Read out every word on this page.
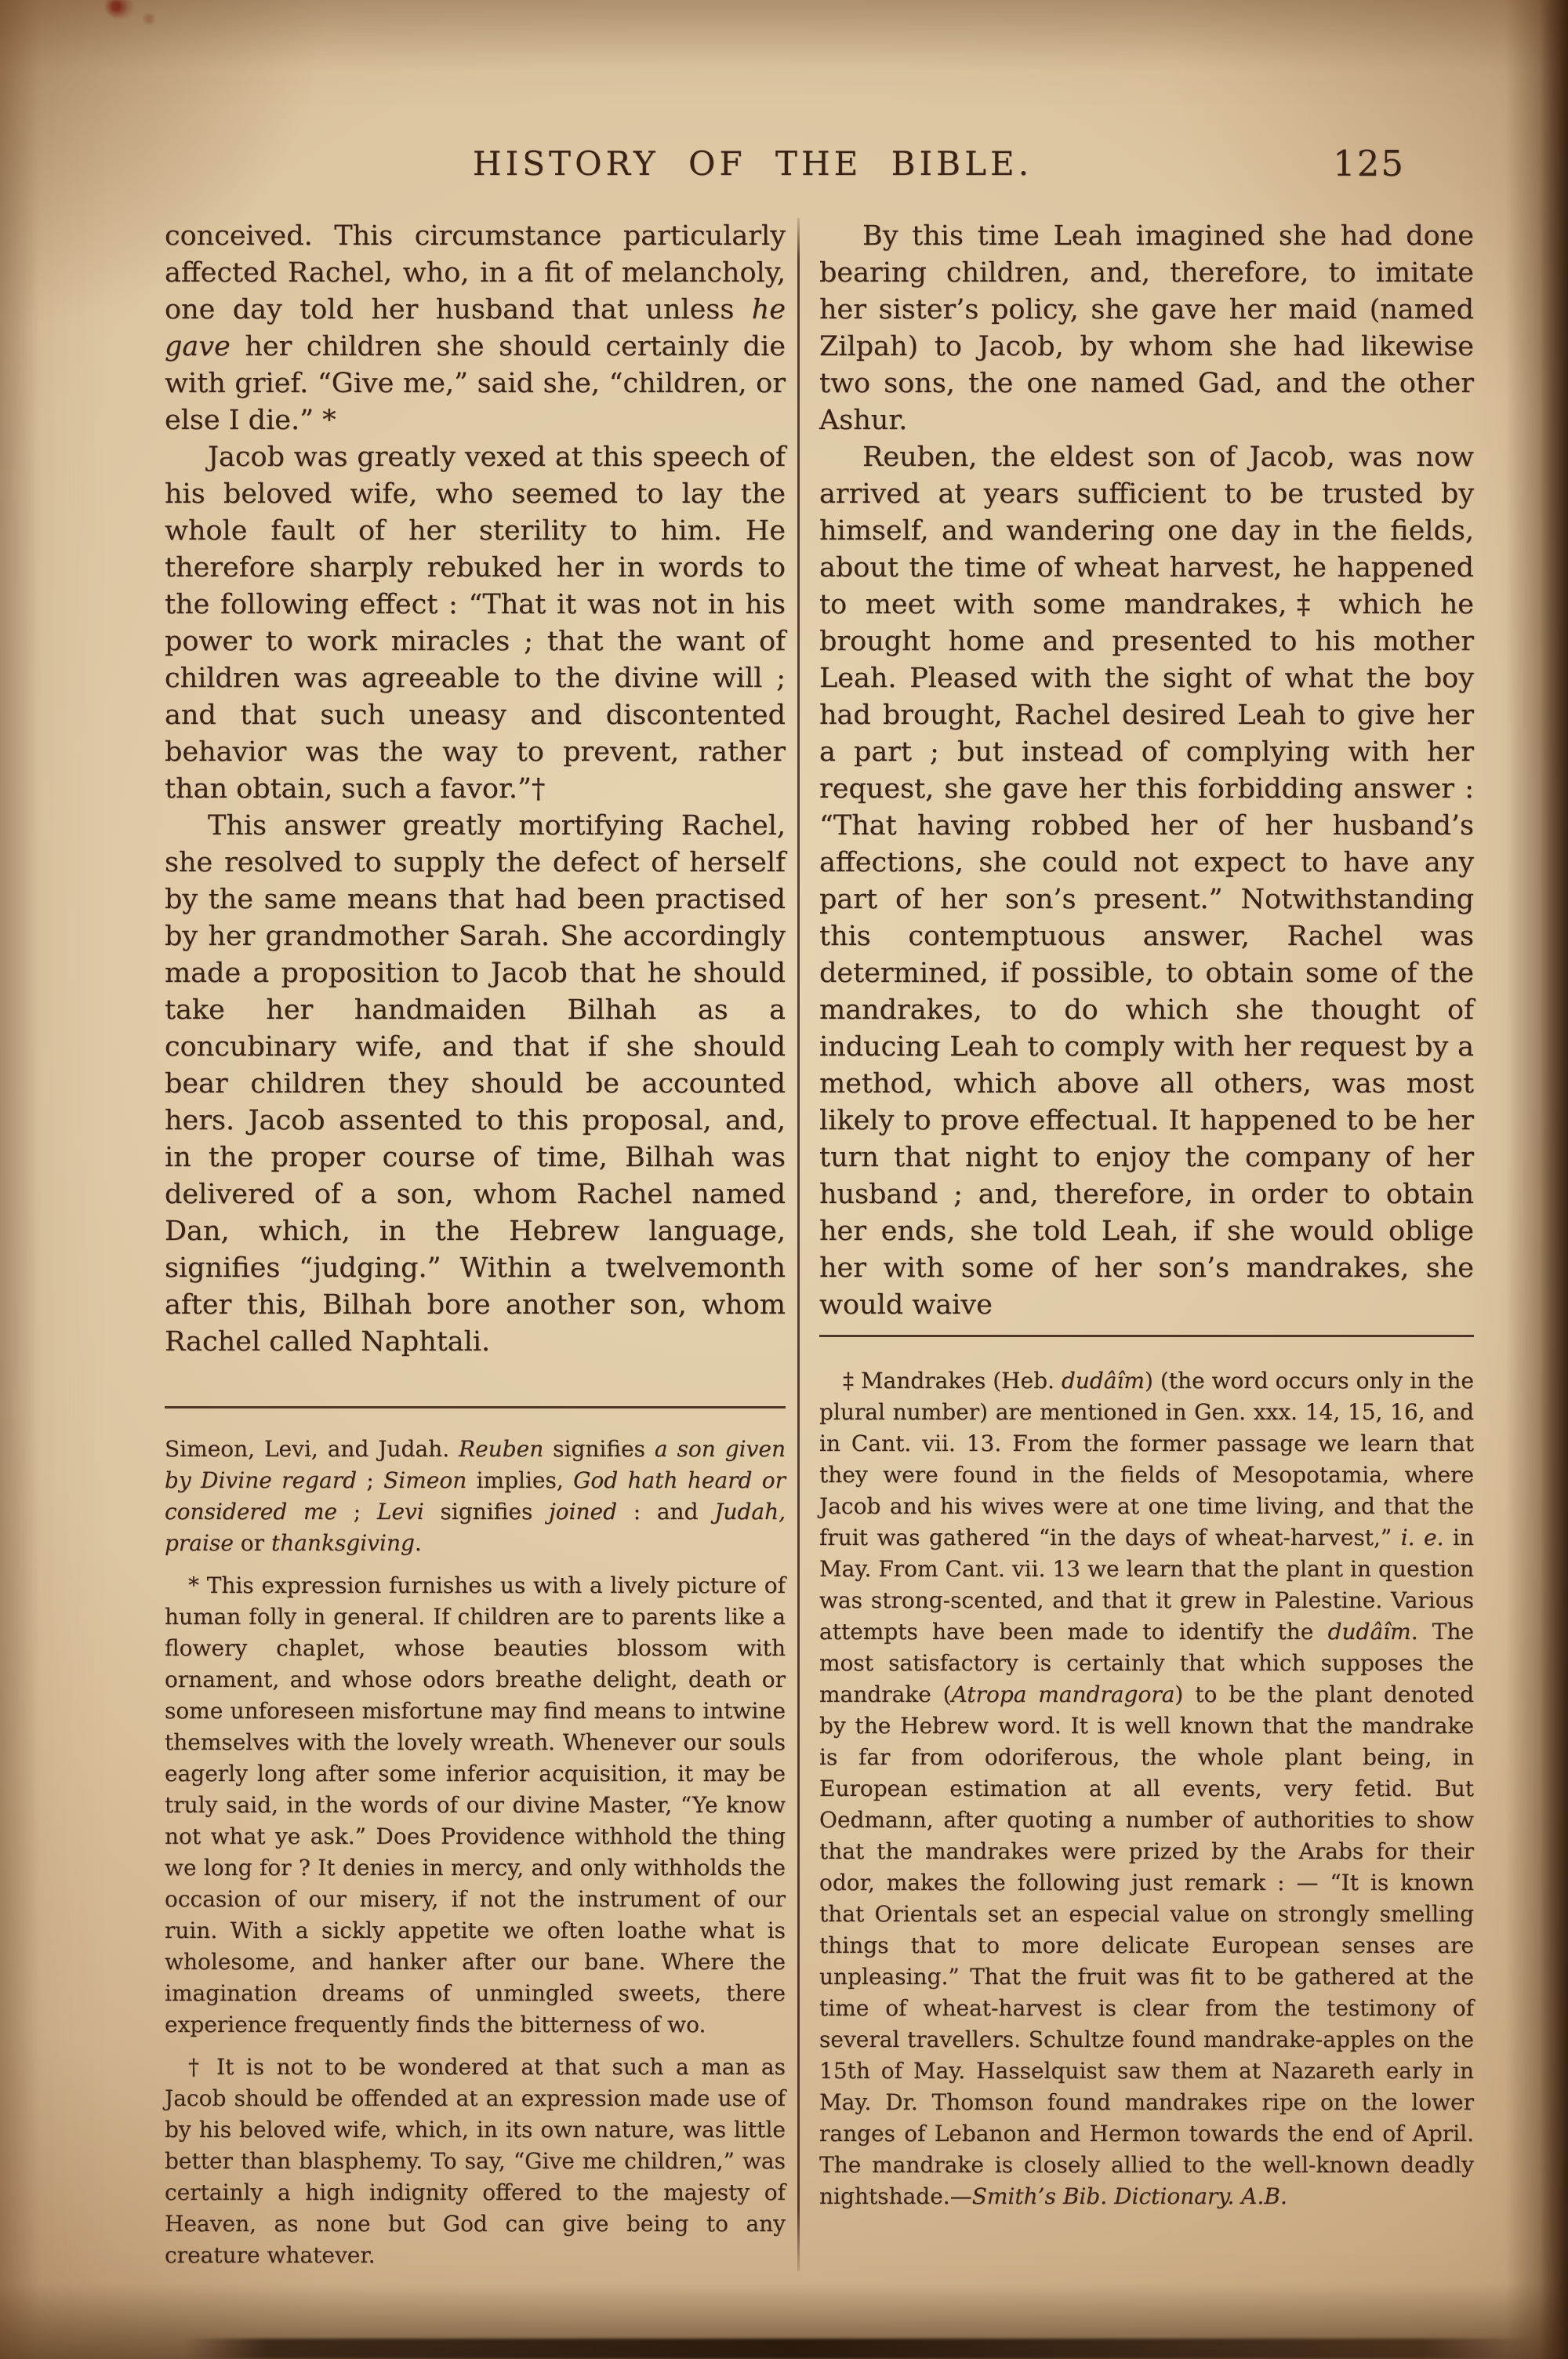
HISTORY OF THE BIBLE.	125

conceived. This circumstance particularly affected Rachel, who, in a fit of melancholy, one day told her husband that unless he gave her children she should certainly die with grief. “Give me,” said she, “children, or else I die.” *

Jacob was greatly vexed at this speech of his beloved wife, who seemed to lay the whole fault of her sterility to him. He therefore sharply rebuked her in words to the following effect : “That it was not in his power to work miracles ; that the want of children was agreeable to the divine will ; and that such uneasy and discontented behavior was the way to prevent, rather than obtain, such a favor.”†

This answer greatly mortifying Rachel, she resolved to supply the defect of herself by the same means that had been practised by her grandmother Sarah. She accordingly made a proposition to Jacob that he should take her handmaiden Bilhah as a concubinary wife, and that if she should bear children they should be accounted hers. Jacob assented to this proposal, and, in the proper course of time, Bilhah was delivered of a son, whom Rachel named Dan, which, in the Hebrew language, signifies “judging.” Within a twelvemonth after this, Bilhah bore another son, whom Rachel called Naphtali.

Simeon, Levi, and Judah. Reuben signifies a son given by Divine regard ; Simeon implies, God hath heard or considered me ; Levi signifies joined : and Judah, praise or thanksgiving.

* This expression furnishes us with a lively picture of human folly in general. If children are to parents like a flowery chaplet, whose beauties blossom with ornament, and whose odors breathe delight, death or some unforeseen misfortune may find means to intwine themselves with the lovely wreath. Whenever our souls eagerly long after some inferior acquisition, it may be truly said, in the words of our divine Master, “Ye know not what ye ask.” Does Providence withhold the thing we long for ? It denies in mercy, and only withholds the occasion of our misery, if not the instrument of our ruin. With a sickly appetite we often loathe what is wholesome, and hanker after our bane. Where the imagination dreams of unmingled sweets, there experience frequently finds the bitterness of wo.

† It is not to be wondered at that such a man as Jacob should be offended at an expression made use of by his beloved wife, which, in its own nature, was little better than blasphemy. To say, “Give me children,” was certainly a high indignity offered to the majesty of Heaven, as none but God can give being to any creature whatever.

By this time Leah imagined she had done bearing children, and, therefore, to imitate her sister’s policy, she gave her maid (named Zilpah) to Jacob, by whom she had likewise two sons, the one named Gad, and the other Ashur.

Reuben, the eldest son of Jacob, was now arrived at years sufficient to be trusted by himself, and wandering one day in the fields, about the time of wheat harvest, he happened to meet with some mandrakes,‡ which he brought home and presented to his mother Leah. Pleased with the sight of what the boy had brought, Rachel desired Leah to give her a part ; but instead of complying with her request, she gave her this forbidding answer : “That having robbed her of her husband’s affections, she could not expect to have any part of her son’s present.” Notwithstanding this contemptuous answer, Rachel was determined, if possible, to obtain some of the mandrakes, to do which she thought of inducing Leah to comply with her request by a method, which above all others, was most likely to prove effectual. It happened to be her turn that night to enjoy the company of her husband ; and, therefore, in order to obtain her ends, she told Leah, if she would oblige her with some of her son’s mandrakes, she would waive

‡ Mandrakes (Heb. dudâîm) (the word occurs only in the plural number) are mentioned in Gen. xxx. 14, 15, 16, and in Cant. vii. 13. From the former passage we learn that they were found in the fields of Mesopotamia, where Jacob and his wives were at one time living, and that the fruit was gathered “in the days of wheat-harvest,” i. e. in May. From Cant. vii. 13 we learn that the plant in question was strong-scented, and that it grew in Palestine. Various attempts have been made to identify the dudâîm. The most satisfactory is certainly that which supposes the mandrake (Atropa mandragora) to be the plant denoted by the Hebrew word. It is well known that the mandrake is far from odoriferous, the whole plant being, in European estimation at all events, very fetid. But Oedmann, after quoting a number of authorities to show that the mandrakes were prized by the Arabs for their odor, makes the following just remark : — “It is known that Orientals set an especial value on strongly smelling things that to more delicate European senses are unpleasing.” That the fruit was fit to be gathered at the time of wheat-harvest is clear from the testimony of several travellers. Schultze found mandrake-apples on the 15th of May. Hasselquist saw them at Nazareth early in May. Dr. Thomson found mandrakes ripe on the lower ranges of Lebanon and Hermon towards the end of April. The mandrake is closely allied to the well-known deadly nightshade.—Smith’s Bib. Dictionary. A.B.
